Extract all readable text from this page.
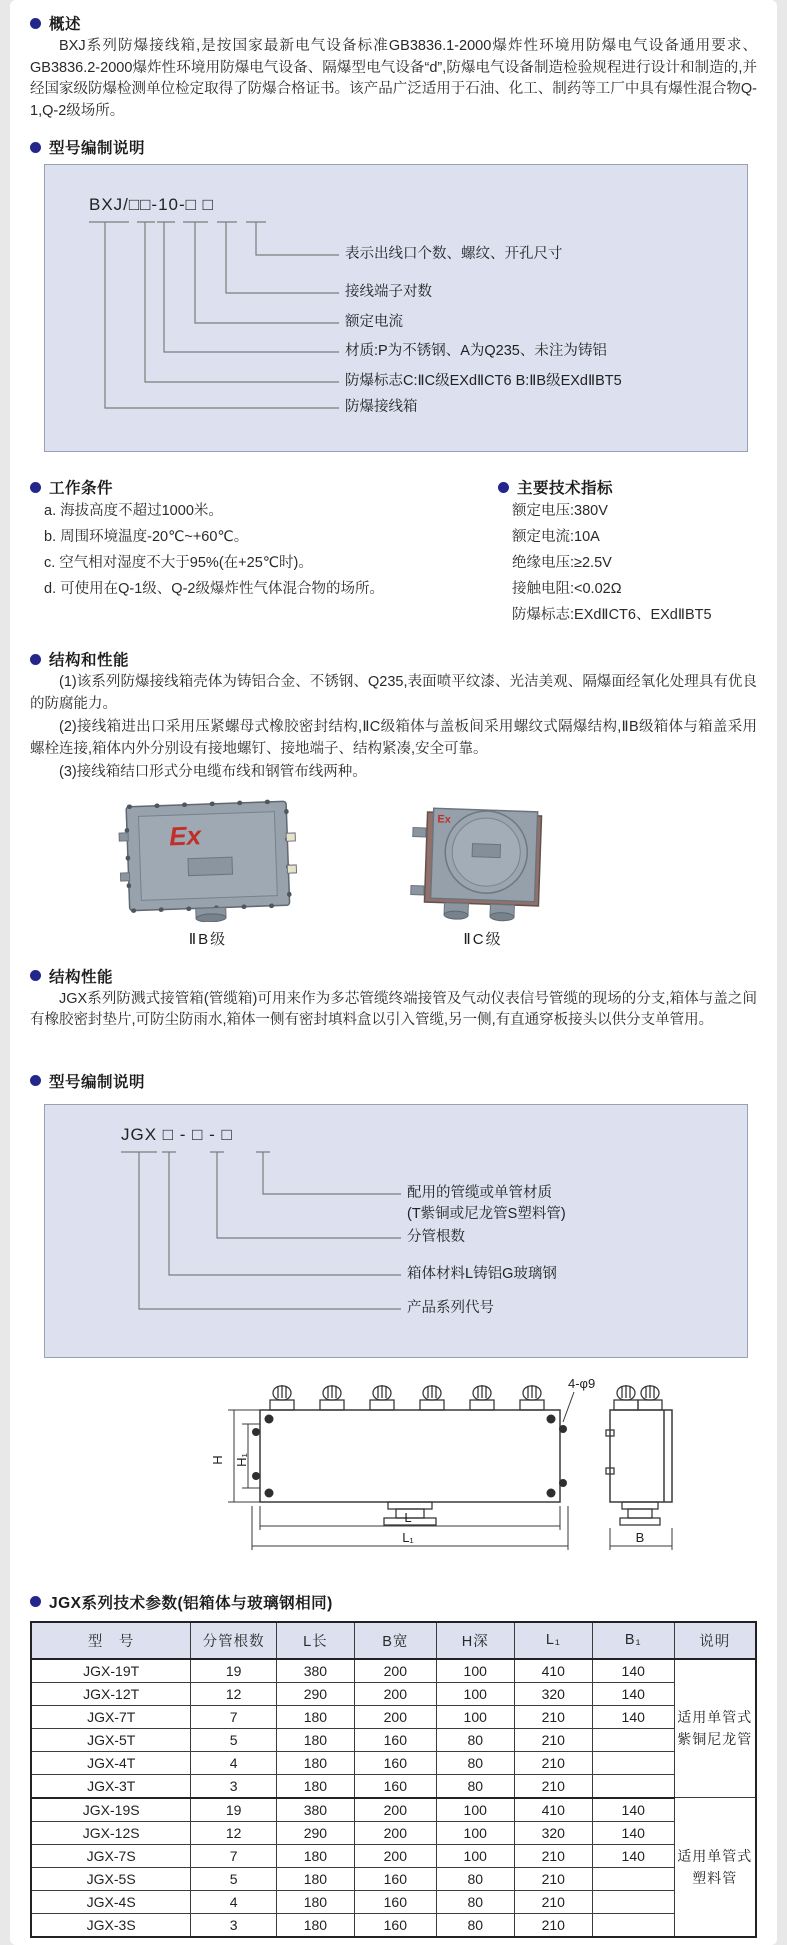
概述

BXJ系列防爆接线箱,是按国家最新电气设备标准GB3836.1-2000爆炸性环境用防爆电气设备通用要求、GB3836.2-2000爆炸性环境用防爆电气设备、隔爆型电气设备“d”,防爆电气设备制造检验规程进行设计和制造的,并经国家级防爆检测单位检定取得了防爆合格证书。该产品广泛适用于石油、化工、制药等工厂中具有爆性混合物Q-1,Q-2级场所。

型号编制说明
BXJ/□□-10-□ □
表示出线口个数、螺纹、开孔尺寸
接线端子对数
额定电流
材质:P为不锈钢、A为Q235、未注为铸铝
防爆标志C:ⅡC级EXdⅡCT6 B:ⅡB级EXdⅡBT5
防爆接线箱
工作条件
a. 海拔高度不超过1000米。
b. 周围环境温度-20℃~+60℃。
c. 空气相对湿度不大于95%(在+25℃时)。
d. 可使用在Q-1级、Q-2级爆炸性气体混合物的场所。
主要技术指标
额定电压:380V
额定电流:10A
绝缘电压:≥2.5V
接触电阻:<0.02Ω
防爆标志:EXdⅡCT6、EXdⅡBT5
结构和性能

(1)该系列防爆接线箱壳体为铸铝合金、不锈钢、Q235,表面喷平纹漆、光洁美观、隔爆面经氧化处理具有优良的防腐能力。

(2)接线箱进出口采用压紧螺母式橡胶密封结构,ⅡC级箱体与盖板间采用螺纹式隔爆结构,ⅡB级箱体与箱盖采用螺栓连接,箱体内外分别设有接地螺钉、接地端子、结构紧凑,安全可靠。

(3)接线箱结口形式分电缆布线和钢管布线两种。

Ex
ⅡB级
Ex
ⅡC级
结构性能

JGX系列防溅式接管箱(管缆箱)可用来作为多芯管缆终端接管及气动仪表信号管缆的现场的分支,箱体与盖之间有橡胶密封垫片,可防尘防雨水,箱体一侧有密封填料盒以引入管缆,另一侧,有直通穿板接头以供分支单管用。

型号编制说明
JGX □ - □ - □
配用的管缆或单管材质
(T紫铜或尼龙管S塑料管)
分管根数
箱体材料L铸铝G玻璃钢
产品系列代号
H H₁
L
L₁	B
4-φ9
JGX系列技术参数(铝箱体与玻璃钢相同)
型　号	分管根数	L长	B宽	H深	L₁	B₁	说明
JGX-19T	19	380	200	100	410	140	适用单管式紫铜尼龙管
JGX-12T	12	290	200	100	320	140	
JGX-7T	7	180	200	100	210	140	
JGX-5T	5	180	160	80	210		
JGX-4T	4	180	160	80	210		
JGX-3T	3	180	160	80	210		
JGX-19S	19	380	200	100	410	140	适用单管式塑料管
JGX-12S	12	290	200	100	320	140	
JGX-7S	7	180	200	100	210	140	
JGX-5S	5	180	160	80	210		
JGX-4S	4	180	160	80	210		
JGX-3S	3	180	160	80	210		
